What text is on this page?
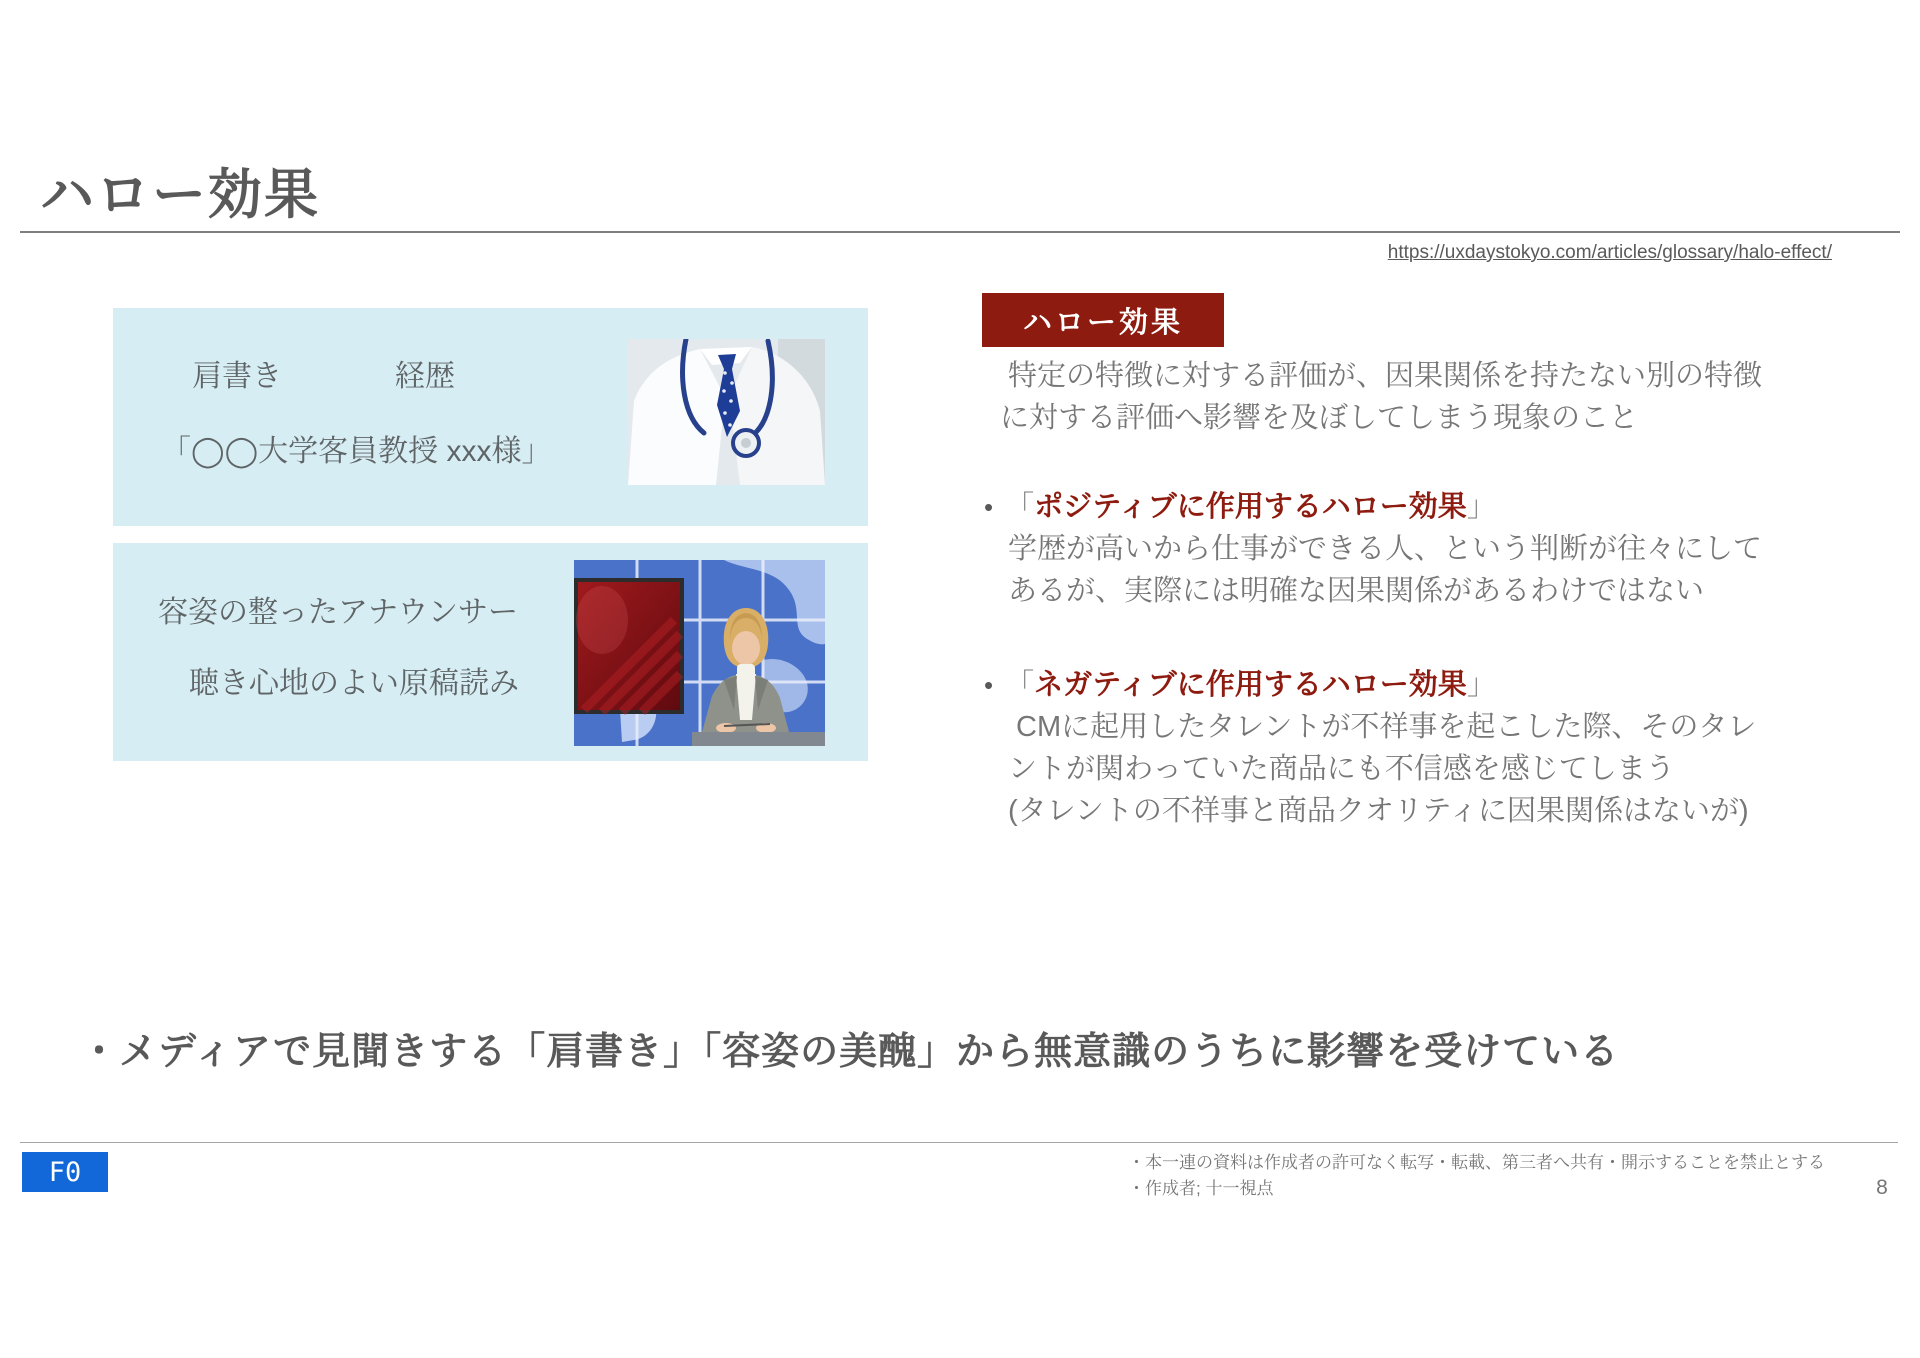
ハロー効果
https://uxdaystokyo.com/articles/glossary/halo-effect/
肩書き	経歴
「◯◯大学客員教授 xxx様」
容姿の整ったアナウンサー
聴き心地のよい原稿読み
ハロー効果
特定の特徴に対する評価が、因果関係を持たない別の特徴
に対する評価へ影響を及ぼしてしまう現象のこと
• 「ポジティブに作用するハロー効果」
学歴が高いから仕事ができる人、という判断が往々にして
あるが、実際には明確な因果関係があるわけではない
• 「ネガティブに作用するハロー効果」
CMに起用したタレントが不祥事を起こした際、そのタレ
ントが関わっていた商品にも不信感を感じてしまう
(タレントの不祥事と商品クオリティに因果関係はないが)
・メディアで見聞きする「肩書き」「容姿の美醜」から無意識のうちに影響を受けている
F0	・本一連の資料は作成者の許可なく転写・転載、第三者へ共有・開示することを禁止とする
・作成者; 十一視点	8
